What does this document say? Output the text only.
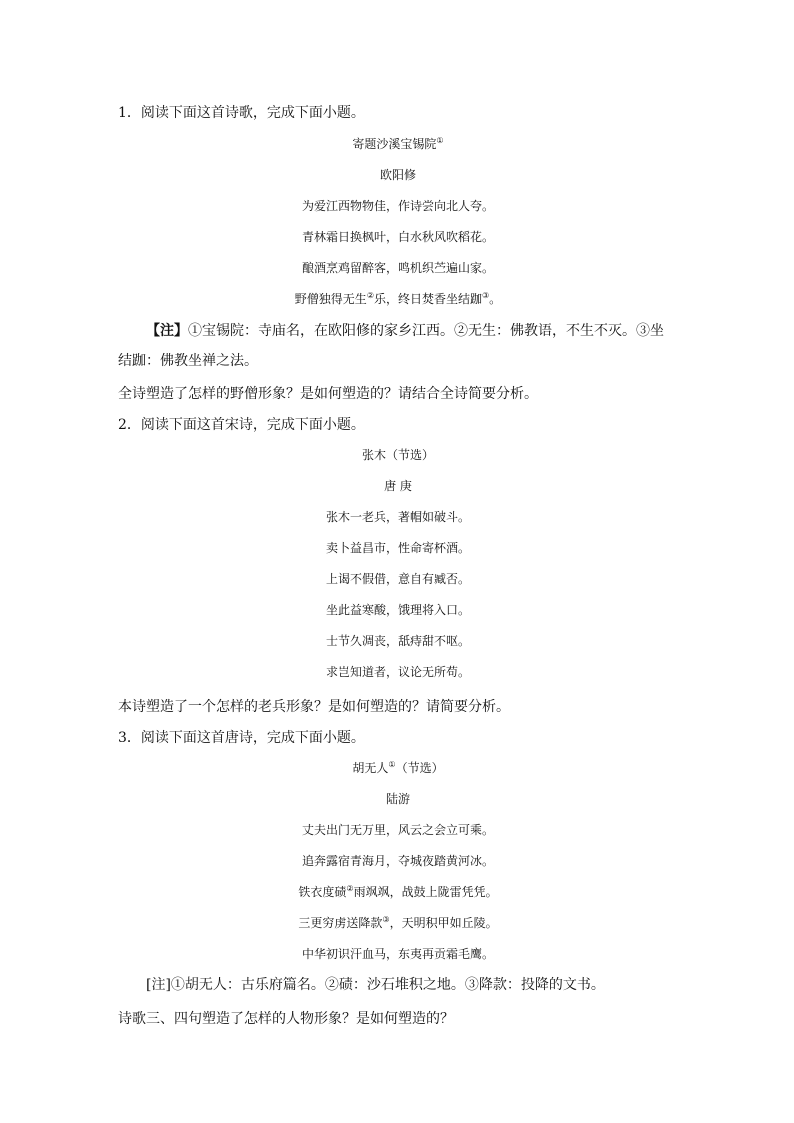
1．阅读下面这首诗歌，完成下面小题。
寄题沙溪宝锡院①
欧阳修
为爱江西物物佳，作诗尝向北人夸。
青林霜日换枫叶，白水秋风吹稻花。
酿酒烹鸡留醉客，鸣机织苎遍山家。
野僧独得无生②乐，终日焚香坐结跏③。
【注】①宝锡院：寺庙名，在欧阳修的家乡江西。②无生：佛教语，不生不灭。③坐
结跏：佛教坐禅之法。
全诗塑造了怎样的野僧形象？是如何塑造的？请结合全诗简要分析。
2．阅读下面这首宋诗，完成下面小题。
张木（节选）
唐 庚
张木一老兵，著帽如破斗。
卖卜益昌市，性命寄杯酒。
上谒不假借，意自有臧否。
坐此益寒酸，饿理将入口。
士节久凋丧，舐痔甜不呕。
求岂知道者，议论无所苟。
本诗塑造了一个怎样的老兵形象？是如何塑造的？请简要分析。
3．阅读下面这首唐诗，完成下面小题。
胡无人①（节选）
陆游
丈夫出门无万里，风云之会立可乘。
追奔露宿青海月，夺城夜踏黄河冰。
铁衣度碛②雨飒飒，战鼓上陇雷凭凭。
三更穷虏送降款③，天明积甲如丘陵。
中华初识汗血马，东夷再贡霜毛鹰。
[注]①胡无人：古乐府篇名。②碛：沙石堆积之地。③降款：投降的文书。
诗歌三、四句塑造了怎样的人物形象？是如何塑造的？
